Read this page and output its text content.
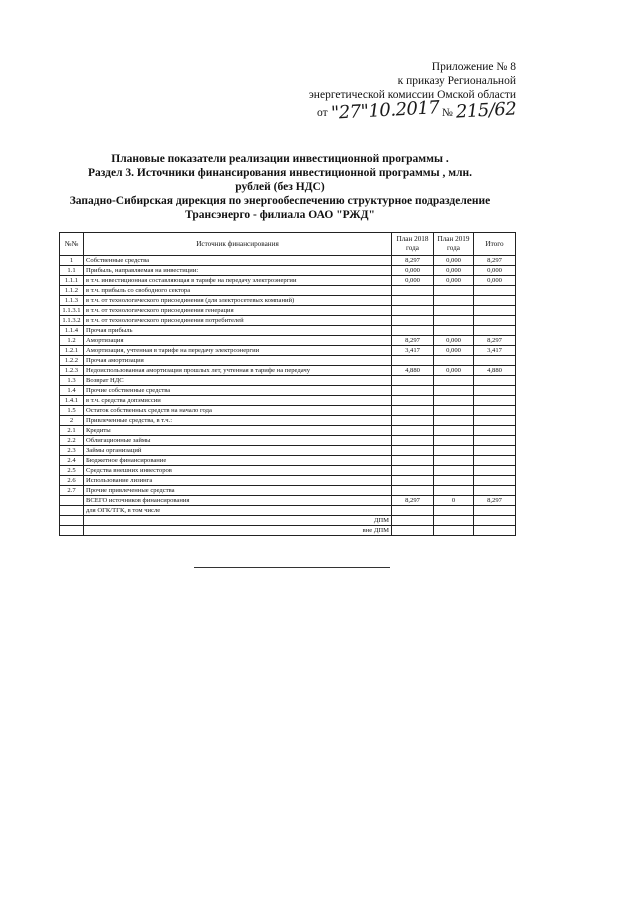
Приложение № 8
к приказу Региональной
энергетической комиссии Омской области
от "27"10.2017 № 215/62
Плановые показатели реализации инвестиционной программы .
Раздел 3. Источники финансирования инвестиционной программы , млн.
рублей (без НДС)
Западно-Сибирская дирекция по энергообеспечению структурное подразделение
Трансэнерго - филиала ОАО "РЖД"
№№	Источник финансирования	План 2018 года	План 2019 года	Итого
1	Собственные средства	8,297	0,000	8,297
1.1	Прибыль, направляемая на инвестиции:	0,000	0,000	0,000
1.1.1	в т.ч. инвестиционная составляющая в тарифе на передачу электроэнергии	0,000	0,000	0,000
1.1.2	в т.ч. прибыль со свободного сектора			
1.1.3	в т.ч. от технологического присоединения (для электросетевых компаний)			
1.1.3.1	в т.ч. от технологического присоединения генерация			
1.1.3.2	в т.ч. от технологического присоединения потребителей			
1.1.4	Прочая прибыль			
1.2	Амортизация	8,297	0,000	8,297
1.2.1	Амортизация, учтенная в тарифе на передачу электроэнергии	3,417	0,000	3,417
1.2.2	Прочая амортизация			
1.2.3	Недоиспользованная амортизация прошлых лет, учтенная в тарифе на передачу	4,880	0,000	4,880
1.3	Возврат НДС			
1.4	Прочие собственные средства			
1.4.1	в т.ч. средства допэмиссии			
1.5	Остаток собственных средств на начало года			
2	Привлеченные средства, в т.ч.:			
2.1	Кредиты			
2.2	Облигационные займы			
2.3	Займы организаций			
2.4	Бюджетное финансирование			
2.5	Средства внешних инвесторов			
2.6	Использование лизинга			
2.7	Прочие привлеченные средства			
	ВСЕГО источников финансирования	8,297	0	8,297
	для ОГК/ТГК, в том числе			
	ДПМ			
	вне ДПМ			
